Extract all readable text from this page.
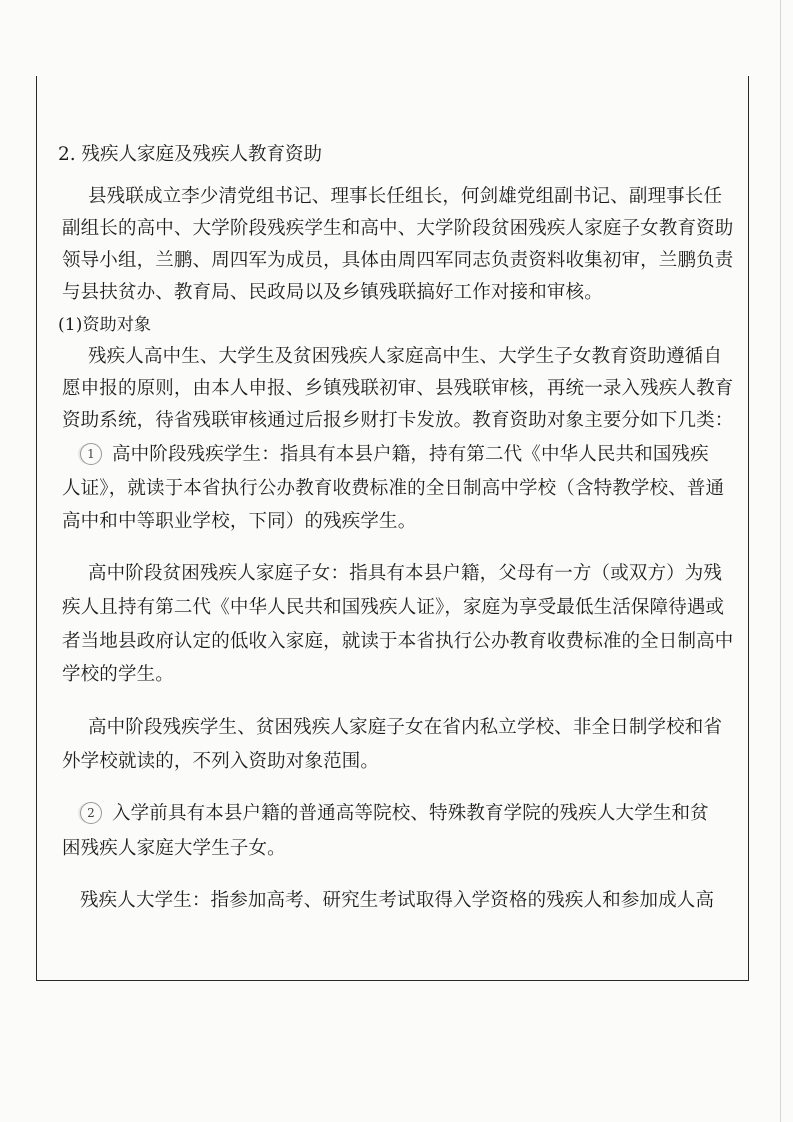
2. 残疾人家庭及残疾人教育资助
县残联成立李少清党组书记、理事长任组长，何剑雄党组副书记、副理事长任
副组长的高中、大学阶段残疾学生和高中、大学阶段贫困残疾人家庭子女教育资助
领导小组，兰鹏、周四军为成员，具体由周四军同志负责资料收集初审，兰鹏负责
与县扶贫办、教育局、民政局以及乡镇残联搞好工作对接和审核。
(1)资助对象
残疾人高中生、大学生及贫困残疾人家庭高中生、大学生子女教育资助遵循自
愿申报的原则，由本人申报、乡镇残联初审、县残联审核，再统一录入残疾人教育
资助系统，待省残联审核通过后报乡财打卡发放。教育资助对象主要分如下几类：
1 高中阶段残疾学生：指具有本县户籍，持有第二代《中华人民共和国残疾
人证》，就读于本省执行公办教育收费标准的全日制高中学校（含特教学校、普通
高中和中等职业学校，下同）的残疾学生。
高中阶段贫困残疾人家庭子女：指具有本县户籍，父母有一方（或双方）为残
疾人且持有第二代《中华人民共和国残疾人证》，家庭为享受最低生活保障待遇或
者当地县政府认定的低收入家庭，就读于本省执行公办教育收费标准的全日制高中
学校的学生。
高中阶段残疾学生、贫困残疾人家庭子女在省内私立学校、非全日制学校和省
外学校就读的，不列入资助对象范围。
2 入学前具有本县户籍的普通高等院校、特殊教育学院的残疾人大学生和贫
困残疾人家庭大学生子女。
残疾人大学生：指参加高考、研究生考试取得入学资格的残疾人和参加成人高
